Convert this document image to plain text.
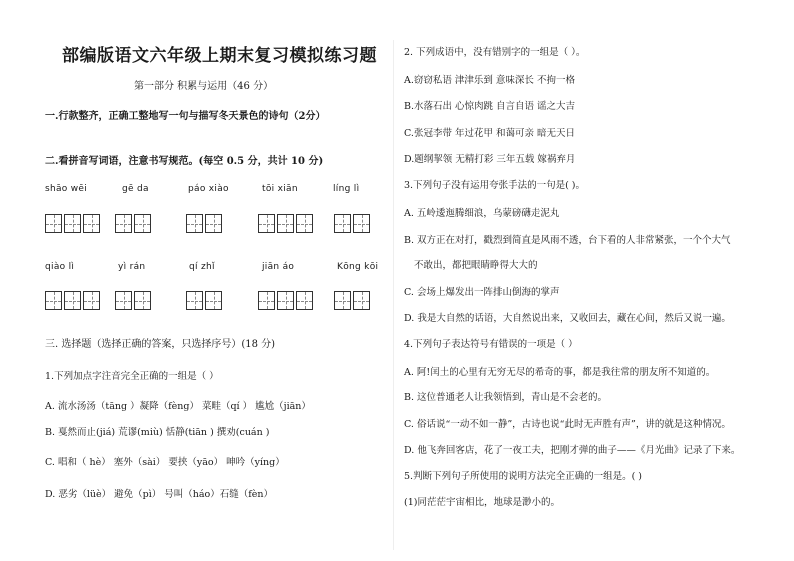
部编版语文六年级上期末复习模拟练习题
第一部分 积累与运用（46 分）
一.行款整齐，正确工整地写一句与描写冬天景色的诗句（2分）
二.看拼音写词语，注意书写规范。(每空 0.5 分，共计 10 分)
shāo wēi	gē da	páo xiào	tōi xiān	líng lì
qiào lì	yì rán	qí zhǐ	jiān áo	Kōng kōi
三. 选择题（选择正确的答案，只选择序号）(18 分)
1.下列加点字注音完全正确的一组是（ ）
A. 流水汤汤（tāng ）凝降（fèng） 菜畦（qí ） 尴尬（jiān）
B. 戛然而止(jiá) 荒谬(miù) 恬静(tiān ) 撰劝(cuán )
C. 唱和（ hè） 塞外（sài） 要挟（yāo） 呻吟（yíng）
D. 恶劣（lüè） 避免（pì） 号叫（háo）石缝（fèn）
2. 下列成语中，没有错别字的一组是（ ）。
A.窃窃私语 津津乐到 意味深长 不拘一格
B.水落石出 心惊肉跳 自言自语 谣之大吉
C.张冠李带 年过花甲 和蔼可亲 暗无天日
D.题纲挈领 无精打彩 三年五载 嫁祸弃月
3.下列句子没有运用夸张手法的一句是( )。
A. 五岭逶迤腾细浪，乌蒙磅礴走泥丸
B. 双方正在对打，戳烈到简直是风雨不透，台下看的人非常紧张，一个个大气
不敢出，都把眼睛睁得大大的
C. 会场上爆发出一阵排山倒海的掌声
D. 我是大自然的话语，大自然说出来，又收回去，藏在心间，然后又说一遍。
4.下列句子表达符号有错误的一项是（ ）
A. 阿!闰土的心里有无穷无尽的希奇的事，都是我往常的朋友所不知道的。
B. 这位普通老人让我领悟到，青山是不会老的。
C. 俗话说“一动不如一静”，古诗也说“此时无声胜有声”，讲的就是这种情况。
D. 他飞奔回客店，花了一夜工夫，把刚才弹的曲子——《月光曲》记录了下来。
5.判断下列句子所使用的说明方法完全正确的一组是。( )
(1)同茫茫宇宙相比，地球是渺小的。
